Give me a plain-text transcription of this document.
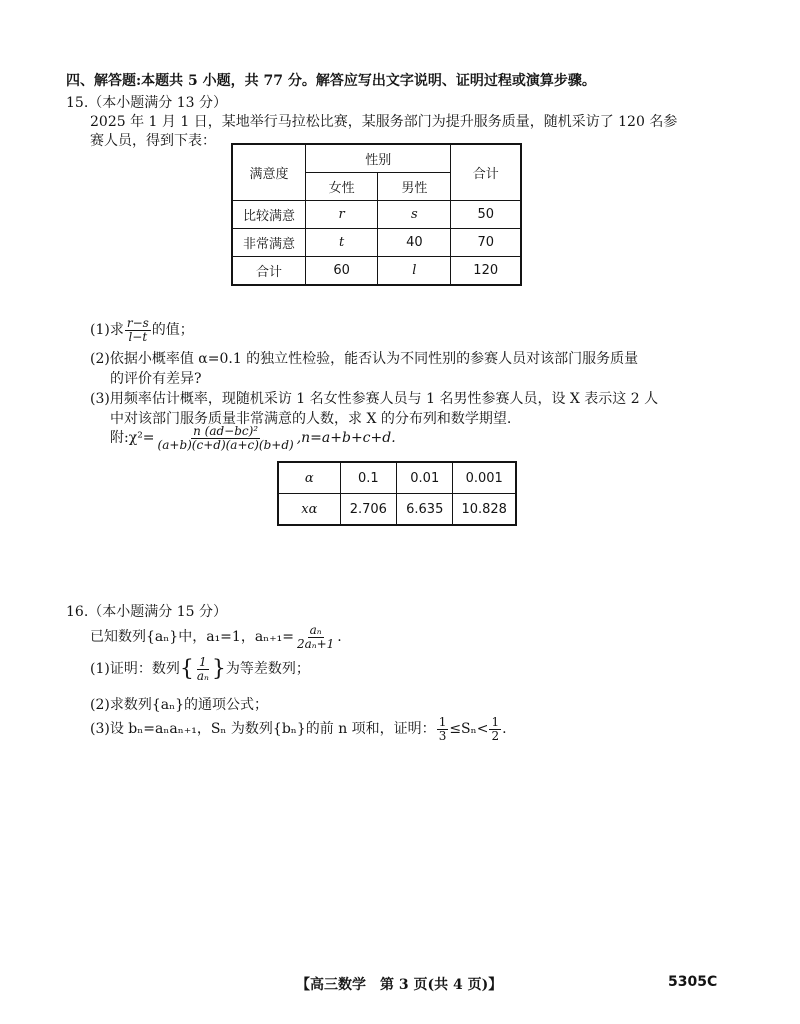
四、解答题:本题共 5 小题，共 77 分。解答应写出文字说明、证明过程或演算步骤。
15.（本小题满分 13 分）
2025 年 1 月 1 日，某地举行马拉松比赛，某服务部门为提升服务质量，随机采访了 120 名参
赛人员，得到下表：
满意度	性别		合计
	女性	男性	
比较满意	r	s	50
非常满意	t	40	70
合计	60	l	120
(1)求 $\frac{r-s}{l-t}$ 的值；
(2)依据小概率值 α=0.1 的独立性检验，能否认为不同性别的参赛人员对该部门服务质量
的评价有差异?
(3)用频率估计概率，现随机采访 1 名女性参赛人员与 1 名男性参赛人员，设 X 表示这 2 人
中对该部门服务质量非常满意的人数，求 X 的分布列和数学期望.
附:χ²= $\frac{\text{n (ad−bc)²}}{(a+b)(c+d)(a+c)(b+d)} ,n=a+b+c+d$.
α	0.1	0.01	0.001
xα	2.706	6.635	10.828
16.（本小题满分 15 分）
已知数列{aₙ}中，a₁=1，$a_{n+1}= \frac{\text{aₙ}}{\text{2aₙ+1}}$ .
(1)证明：数列{ $\frac{1}{\text{aₙ}}$ }为等差数列；
(2)求数列{aₙ}的通项公式；
(3)设 bₙ=aₙaₙ₊₁，Sₙ 为数列{bₙ}的前 n 项和，证明： $\frac{1}{3} \le S_n< \frac{1}{2}$ .
【高三数学　第 3 页(共 4 页)】	5305C
